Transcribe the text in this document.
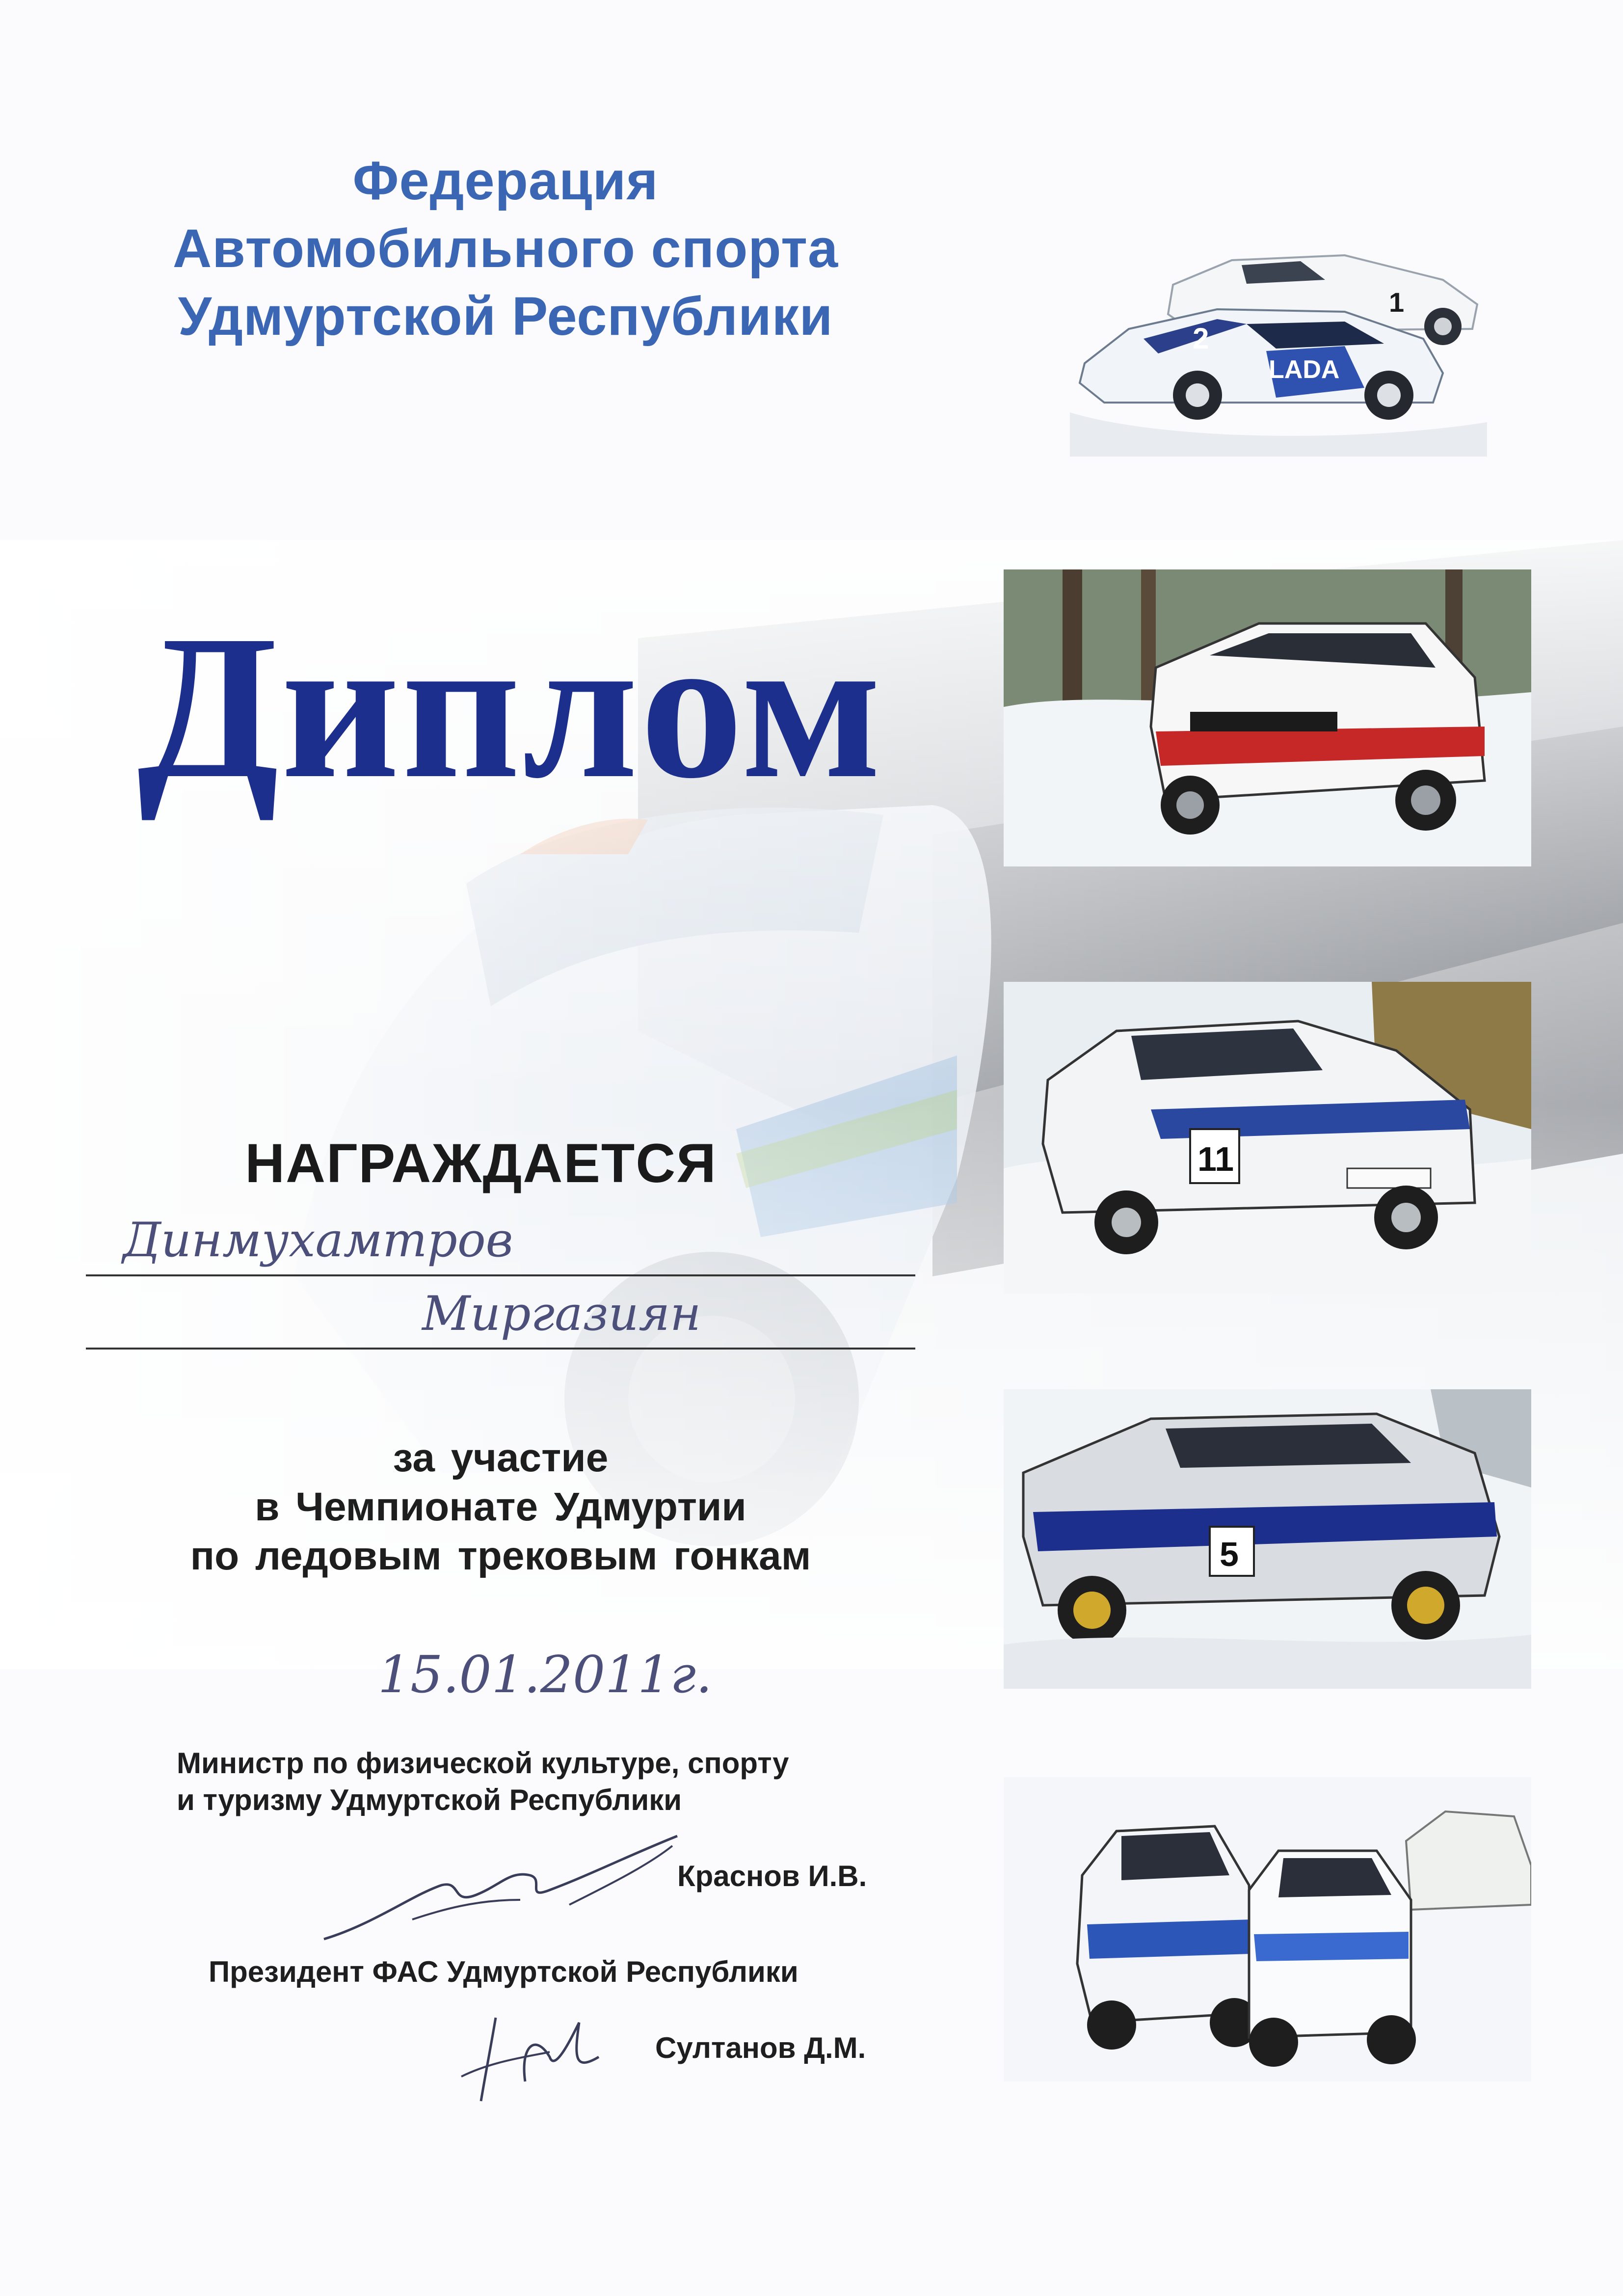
Федерация
Автомобильного спорта
Удмуртской Республики	1
LADA
2
Диплом
11
5
НАГРАЖДАЕТСЯ
Динмухамтров
Миргазиян
за участие
в Чемпионате Удмуртии
по ледовым трековым гонкам
15.01.2011г.
Министр по физической культуре, спорту
и туризму Удмуртской Республики
Краснов И.В.
Президент ФАС Удмуртской Республики
Султанов Д.М.
